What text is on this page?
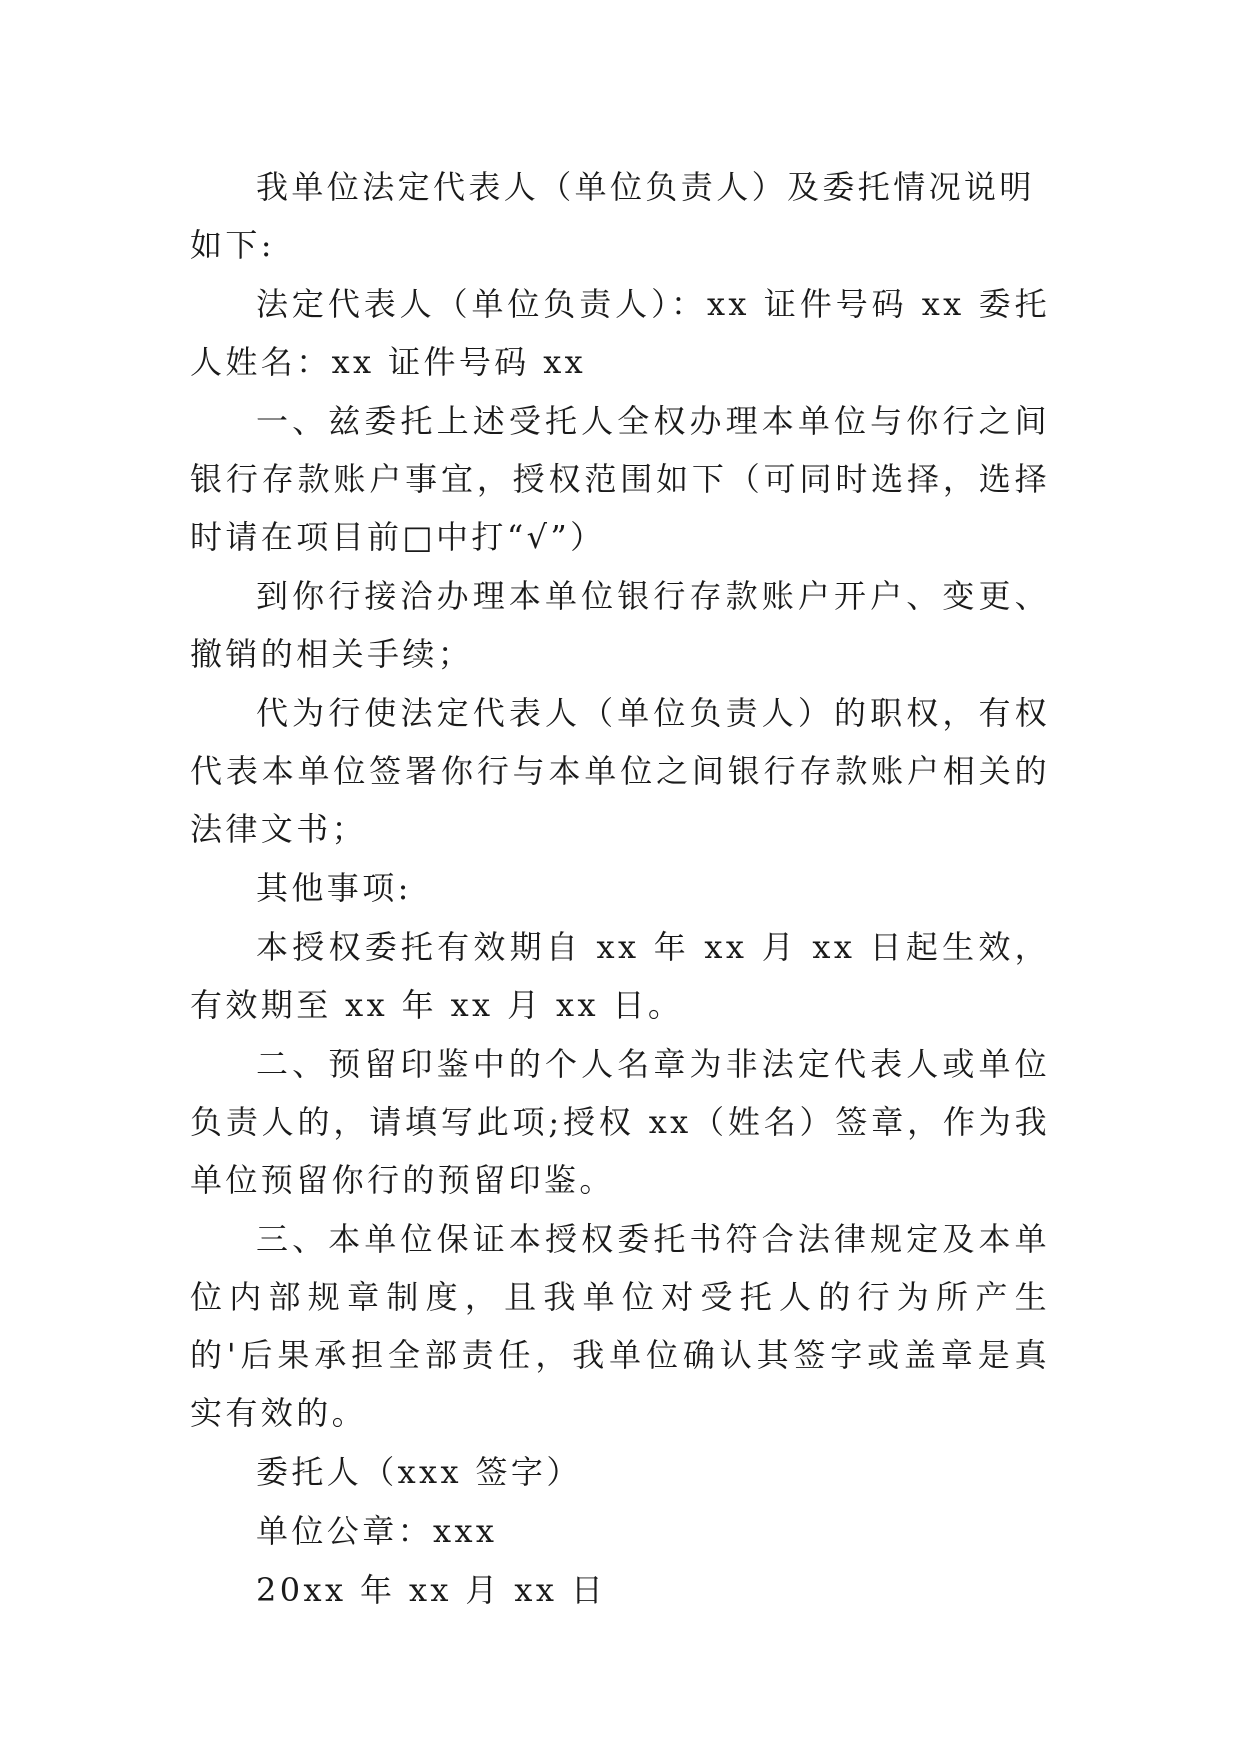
我单位法定代表人（单位负责人）及委托情况说明如下:

法定代表人（单位负责人）：xx 证件号码 xx 委托人姓名：xx 证件号码 xx

一、兹委托上述受托人全权办理本单位与你行之间银行存款账户事宜，授权范围如下（可同时选择，选择时请在项目前□中打“√”）

到你行接洽办理本单位银行存款账户开户、变更、撤销的相关手续；

代为行使法定代表人（单位负责人）的职权，有权代表本单位签署你行与本单位之间银行存款账户相关的法律文书；

其他事项:

本授权委托有效期自 xx 年 xx 月 xx 日起生效，有效期至 xx 年 xx 月 xx 日。

二、预留印鉴中的个人名章为非法定代表人或单位负责人的，请填写此项;授权 xx（姓名）签章，作为我单位预留你行的预留印鉴。

三、本单位保证本授权委托书符合法律规定及本单位内部规章制度，且我单位对受托人的行为所产生的'后果承担全部责任，我单位确认其签字或盖章是真实有效的。

委托人（xxx 签字）

单位公章：xxx

20xx 年 xx 月 xx 日
